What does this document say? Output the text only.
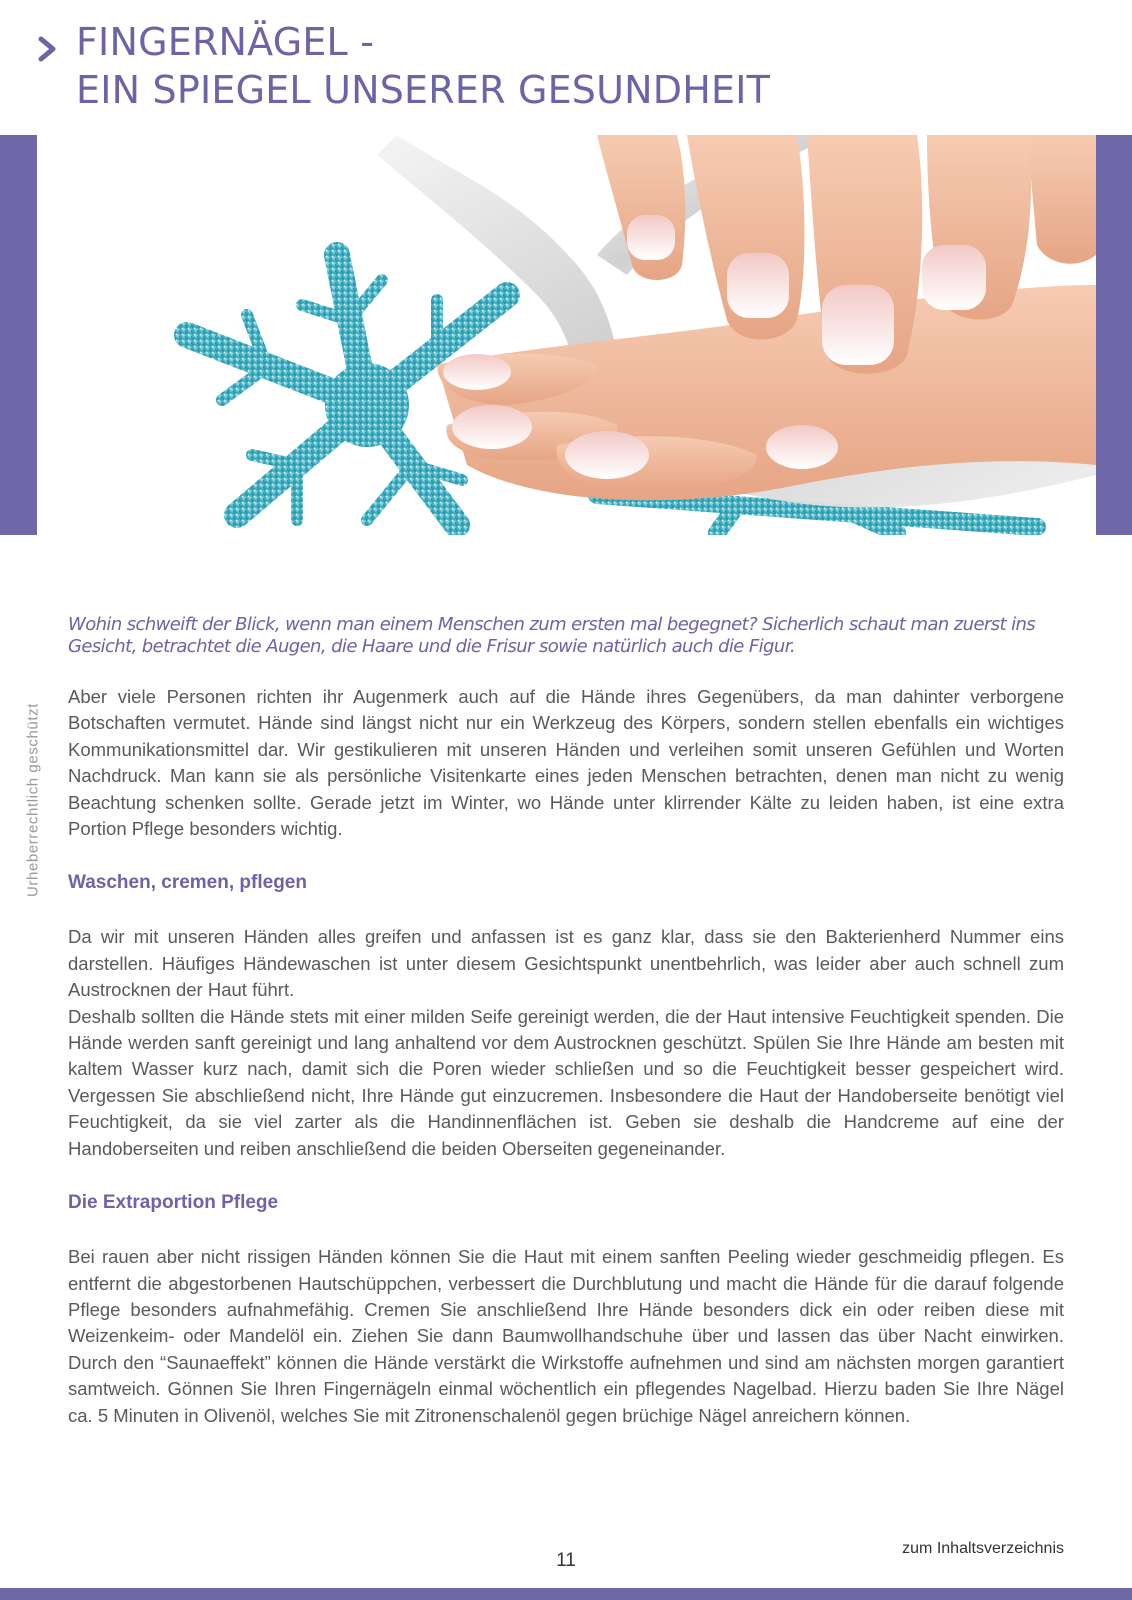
FINGERNÄGEL -
EIN SPIEGEL UNSERER GESUNDHEIT
Urheberrechtlich geschützt

Wohin schweift der Blick, wenn man einem Menschen zum ersten mal begegnet? Sicherlich schaut man zuerst ins Gesicht, betrachtet die Augen, die Haare und die Frisur sowie natürlich auch die Figur.

Aber viele Personen richten ihr Augenmerk auch auf die Hände ihres Gegenübers, da man dahinter verborgene Botschaften vermutet. Hände sind längst nicht nur ein Werkzeug des Körpers, sondern stellen ebenfalls ein wichtiges Kommunikationsmittel dar. Wir gestikulieren mit unseren Händen und verleihen somit unseren Gefühlen und Worten Nachdruck. Man kann sie als persönliche Visitenkarte eines jeden Menschen betrachten, denen man nicht zu wenig Beachtung schenken sollte. Gerade jetzt im Winter, wo Hände unter klirrender Kälte zu leiden haben, ist eine extra Portion Pflege besonders wichtig.

Waschen, cremen, pflegen

Da wir mit unseren Händen alles greifen und anfassen ist es ganz klar, dass sie den Bakterienherd Nummer eins darstellen. Häufiges Händewaschen ist unter diesem Gesichtspunkt unentbehrlich, was leider aber auch schnell zum Austrocknen der Haut führt.

Deshalb sollten die Hände stets mit einer milden Seife gereinigt werden, die der Haut intensive Feuchtigkeit spenden. Die Hände werden sanft gereinigt und lang anhaltend vor dem Austrocknen geschützt. Spülen Sie Ihre Hände am besten mit kaltem Wasser kurz nach, damit sich die Poren wieder schließen und so die Feuchtigkeit besser gespeichert wird. Vergessen Sie abschließend nicht, Ihre Hände gut einzucremen. Insbesondere die Haut der Handoberseite benötigt viel Feuchtigkeit, da sie viel zarter als die Handinnenflächen ist. Geben sie deshalb die Handcreme auf eine der Handoberseiten und reiben anschließend die beiden Oberseiten gegeneinander.

Die Extraportion Pflege

Bei rauen aber nicht rissigen Händen können Sie die Haut mit einem sanften Peeling wieder geschmeidig pflegen. Es entfernt die abgestorbenen Hautschüppchen, verbessert die Durchblutung und macht die Hände für die darauf folgende Pflege besonders aufnahmefähig. Cremen Sie anschließend Ihre Hände besonders dick ein oder reiben diese mit Weizenkeim- oder Mandelöl ein. Ziehen Sie dann Baumwollhandschuhe über und lassen das über Nacht einwirken. Durch den “Saunaeffekt” können die Hände verstärkt die Wirkstoffe aufnehmen und sind am nächsten morgen garantiert samtweich. Gönnen Sie Ihren Fingernägeln einmal wöchentlich ein pflegendes Nagelbad. Hierzu baden Sie Ihre Nägel ca. 5 Minuten in Olivenöl, welches Sie mit Zitronenschalenöl gegen brüchige Nägel anreichern können.

11
zum Inhaltsverzeichnis
